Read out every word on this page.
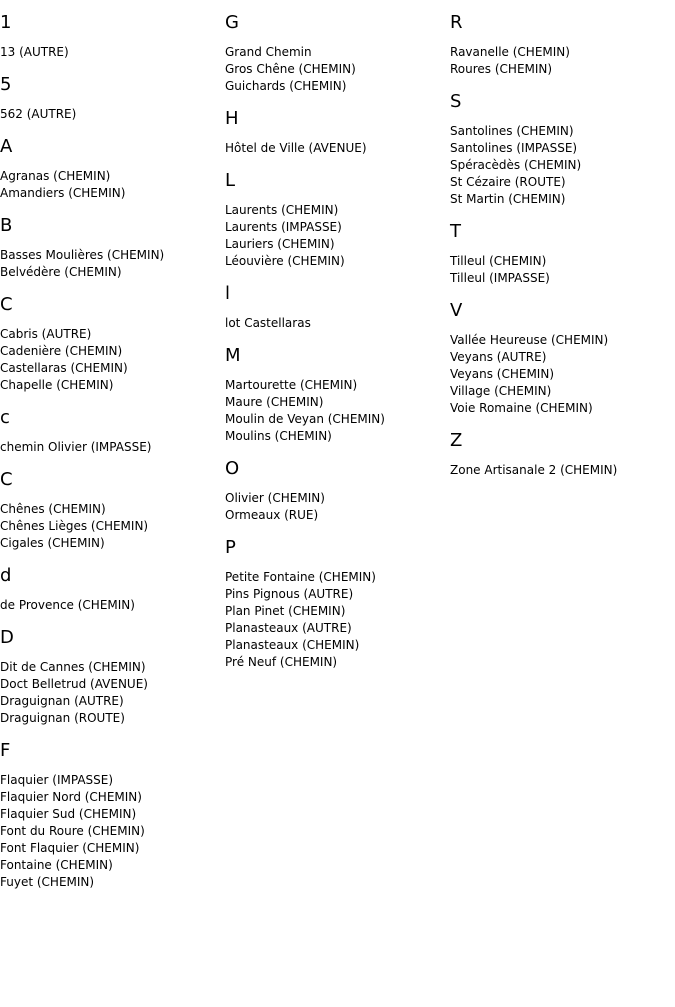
1
13 (AUTRE)
5
562 (AUTRE)
A
Agranas (CHEMIN)
Amandiers (CHEMIN)
B
Basses Moulières (CHEMIN)
Belvédère (CHEMIN)
C
Cabris (AUTRE)
Cadenière (CHEMIN)
Castellaras (CHEMIN)
Chapelle (CHEMIN)
c
chemin Olivier (IMPASSE)
C
Chênes (CHEMIN)
Chênes Lièges (CHEMIN)
Cigales (CHEMIN)
d
de Provence (CHEMIN)
D
Dit de Cannes (CHEMIN)
Doct Belletrud (AVENUE)
Draguignan (AUTRE)
Draguignan (ROUTE)
F
Flaquier (IMPASSE)
Flaquier Nord (CHEMIN)
Flaquier Sud (CHEMIN)
Font du Roure (CHEMIN)
Font Flaquier (CHEMIN)
Fontaine (CHEMIN)
Fuyet (CHEMIN)
G
Grand Chemin
Gros Chêne (CHEMIN)
Guichards (CHEMIN)
H
Hôtel de Ville (AVENUE)
L
Laurents (CHEMIN)
Laurents (IMPASSE)
Lauriers (CHEMIN)
Léouvière (CHEMIN)
l
lot Castellaras
M
Martourette (CHEMIN)
Maure (CHEMIN)
Moulin de Veyan (CHEMIN)
Moulins (CHEMIN)
O
Olivier (CHEMIN)
Ormeaux (RUE)
P
Petite Fontaine (CHEMIN)
Pins Pignous (AUTRE)
Plan Pinet (CHEMIN)
Planasteaux (AUTRE)
Planasteaux (CHEMIN)
Pré Neuf (CHEMIN)
R
Ravanelle (CHEMIN)
Roures (CHEMIN)
S
Santolines (CHEMIN)
Santolines (IMPASSE)
Spéracèdès (CHEMIN)
St Cézaire (ROUTE)
St Martin (CHEMIN)
T
Tilleul (CHEMIN)
Tilleul (IMPASSE)
V
Vallée Heureuse (CHEMIN)
Veyans (AUTRE)
Veyans (CHEMIN)
Village (CHEMIN)
Voie Romaine (CHEMIN)
Z
Zone Artisanale 2 (CHEMIN)
